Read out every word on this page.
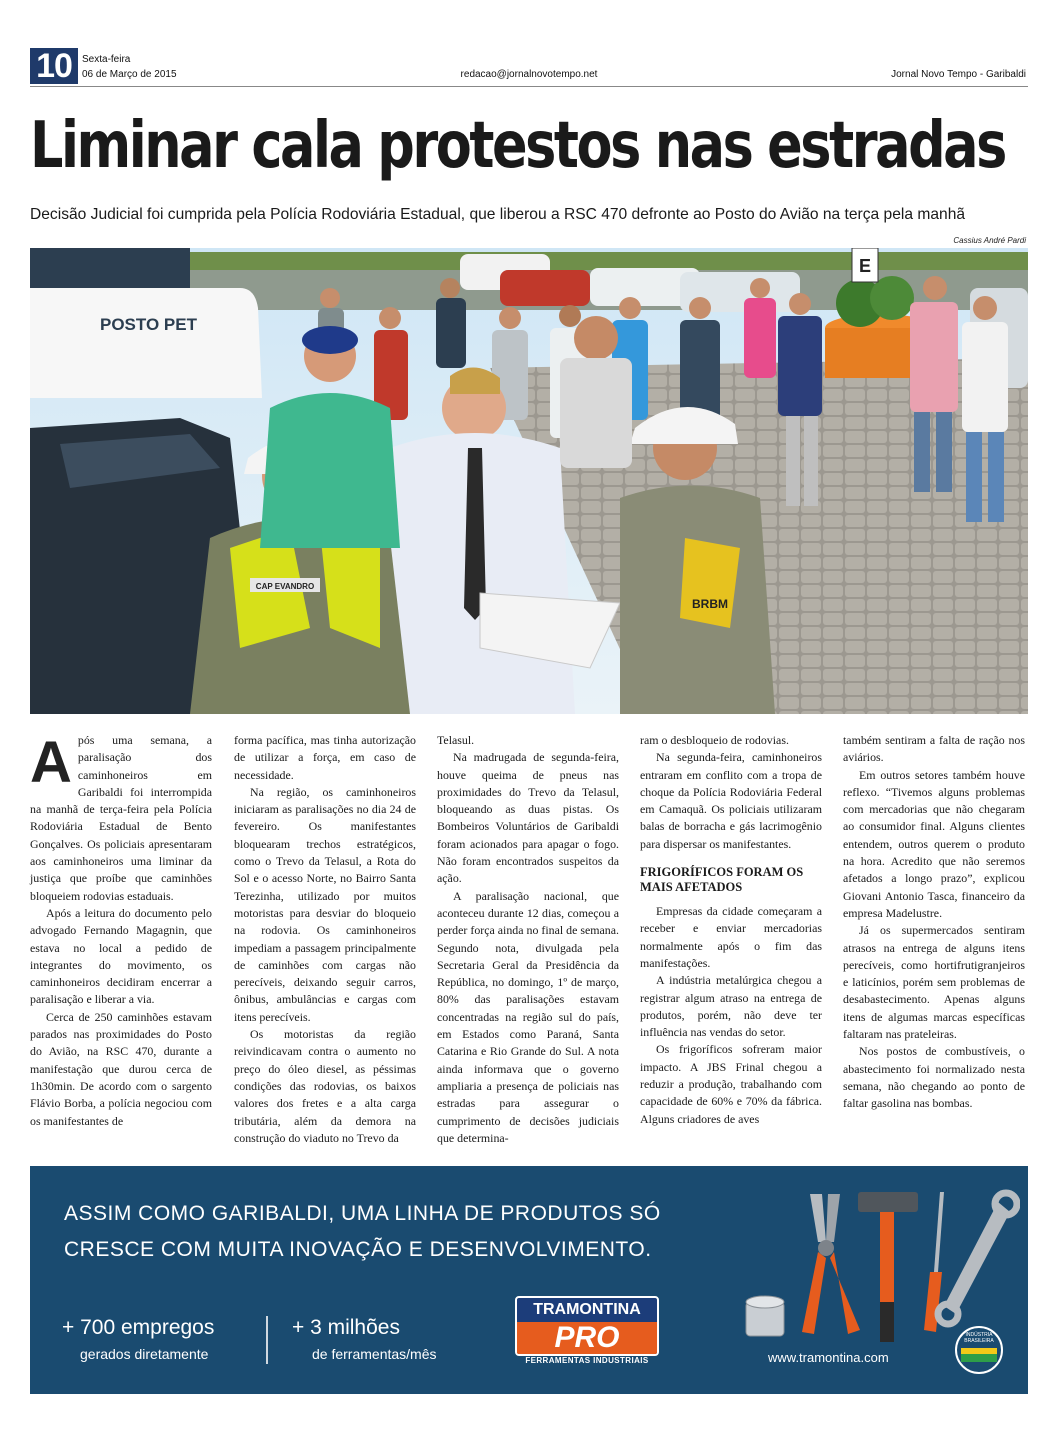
10	Sexta-feira
06 de Março de 2015	redacao@jornalnovotempo.net	Jornal Novo Tempo - Garibaldi
Liminar cala protestos nas estradas
Decisão Judicial foi cumprida pela Polícia Rodoviária Estadual, que liberou a RSC 470 defronte ao Posto do Avião na terça pela manhã
Cassius André Pardi
E
POSTO PET
CAP EVANDRO
BRBM
A pós uma semana, a paralisação dos caminhoneiros em Garibaldi foi interrompida na manhã de terça-feira pela Polícia Rodoviária Estadual de Bento Gonçalves. Os policiais apresentaram aos caminhoneiros uma liminar da justiça que proíbe que caminhões bloqueiem rodovias estaduais.

Após a leitura do documento pelo advogado Fernando Magagnin, que estava no local a pedido de integrantes do movimento, os caminhoneiros decidiram encerrar a paralisação e liberar a via.

Cerca de 250 caminhões estavam parados nas proximidades do Posto do Avião, na RSC 470, durante a manifestação que durou cerca de 1h30min. De acordo com o sargento Flávio Borba, a polícia negociou com os manifestantes de

forma pacífica, mas tinha autorização de utilizar a força, em caso de necessidade.

Na região, os caminhoneiros iniciaram as paralisações no dia 24 de fevereiro. Os manifestantes bloquearam trechos estratégicos, como o Trevo da Telasul, a Rota do Sol e o acesso Norte, no Bairro Santa Terezinha, utilizado por muitos motoristas para desviar do bloqueio na rodovia. Os caminhoneiros impediam a passagem principalmente de caminhões com cargas não perecíveis, deixando seguir carros, ônibus, ambulâncias e cargas com itens perecíveis.

Os motoristas da região reivindicavam contra o aumento no preço do óleo diesel, as péssimas condições das rodovias, os baixos valores dos fretes e a alta carga tributária, além da demora na construção do viaduto no Trevo da

Telasul.

Na madrugada de segunda-feira, houve queima de pneus nas proximidades do Trevo da Telasul, bloqueando as duas pistas. Os Bombeiros Voluntários de Garibaldi foram acionados para apagar o fogo. Não foram encontrados suspeitos da ação.

A paralisação nacional, que aconteceu durante 12 dias, começou a perder força ainda no final de semana. Segundo nota, divulgada pela Secretaria Geral da Presidência da República, no domingo, 1º de março, 80% das paralisações estavam concentradas na região sul do país, em Estados como Paraná, Santa Catarina e Rio Grande do Sul. A nota ainda informava que o governo ampliaria a presença de policiais nas estradas para assegurar o cumprimento de decisões judiciais que determina-

ram o desbloqueio de rodovias.

Na segunda-feira, caminhoneiros entraram em conflito com a tropa de choque da Polícia Rodoviária Federal em Camaquã. Os policiais utilizaram balas de borracha e gás lacrimogênio para dispersar os manifestantes.

FRIGORÍFICOS FORAM OS MAIS AFETADOS

Empresas da cidade começaram a receber e enviar mercadorias normalmente após o fim das manifestações.

A indústria metalúrgica chegou a registrar algum atraso na entrega de produtos, porém, não deve ter influência nas vendas do setor.

Os frigoríficos sofreram maior impacto. A JBS Frinal chegou a reduzir a produção, trabalhando com capacidade de 60% e 70% da fábrica. Alguns criadores de aves

também sentiram a falta de ração nos aviários.

Em outros setores também houve reflexo. “Tivemos alguns problemas com mercadorias que não chegaram ao consumidor final. Alguns clientes entendem, outros querem o produto na hora. Acredito que não seremos afetados a longo prazo”, explicou Giovani Antonio Tasca, financeiro da empresa Madelustre.

Já os supermercados sentiram atrasos na entrega de alguns itens perecíveis, como hortifrutigranjeiros e laticínios, porém sem problemas de desabastecimento. Apenas alguns itens de algumas marcas específicas faltaram nas prateleiras.

Nos postos de combustíveis, o abastecimento foi normalizado nesta semana, não chegando ao ponto de faltar gasolina nas bombas.

ASSIM COMO GARIBALDI, UMA LINHA DE PRODUTOS SÓ
CRESCE COM MUITA INOVAÇÃO E DESENVOLVIMENTO.
+ 700 empregos
gerados diretamente
+ 3 milhões
de ferramentas/mês
TRAMONTINA
PRO
FERRAMENTAS INDUSTRIAIS	www.tramontina.com
INDÚSTRIA BRASILEIRA
